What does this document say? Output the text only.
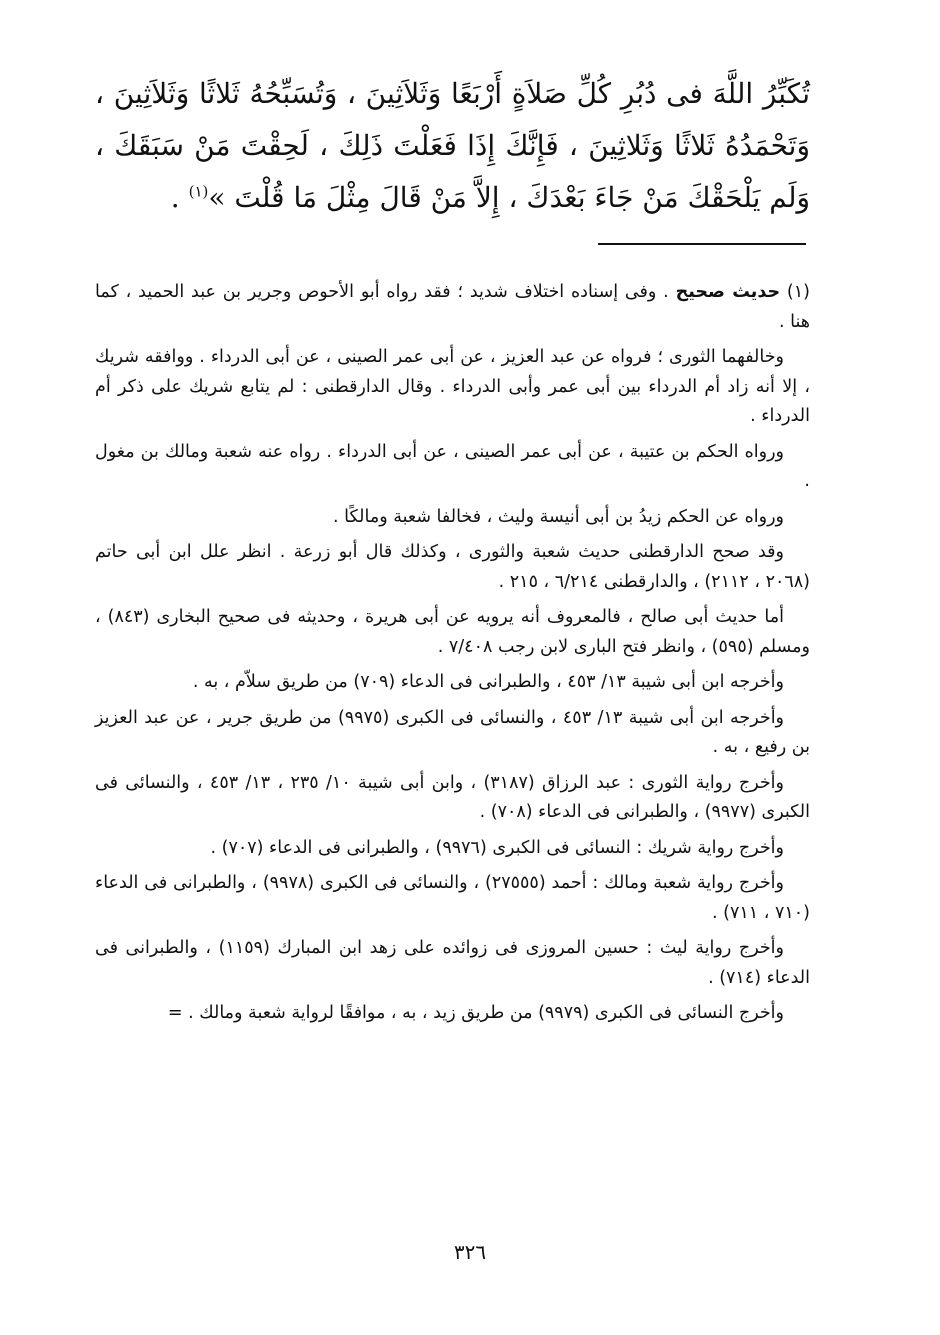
تُكَبِّرُ اللَّهَ فى دُبُرِ كُلِّ صَلاَةٍ أَرْبَعًا وَثَلاَثِينَ ، وَتُسَبِّحُهُ ثَلاثًا وَثَلاَثِينَ ، وَتَحْمَدُهُ ثَلاثًا وَثَلاثِينَ ، فَإِنَّكَ إِذَا فَعَلْتَ ذَلِكَ ، لَحِقْتَ مَنْ سَبَقَكَ ، وَلَم يَلْحَقْكَ مَنْ جَاءَ بَعْدَكَ ، إِلاَّ مَنْ قَالَ مِثْلَ مَا قُلْتَ »$^{(١)}$ .

(١) حديث صحيح . وفى إسناده اختلاف شديد ؛ فقد رواه أبو الأحوص وجرير بن عبد الحميد ، كما هنا .

وخالفهما الثورى ؛ فرواه عن عبد العزيز ، عن أبى عمر الصينى ، عن أبى الدرداء . ووافقه شريك ، إلا أنه زاد أم الدرداء بين أبى عمر وأبى الدرداء . وقال الدارقطنى : لم يتابع شريك على ذكر أم الدرداء .

ورواه الحكم بن عتيبة ، عن أبى عمر الصينى ، عن أبى الدرداء . رواه عنه شعبة ومالك بن مغول .

ورواه عن الحكم زيدُ بن أبى أنيسة وليث ، فخالفا شعبة ومالكًا .

وقد صحح الدارقطنى حديث شعبة والثورى ، وكذلك قال أبو زرعة . انظر علل ابن أبى حاتم (٢٠٦٨ ، ٢١١٢) ، والدارقطنى ٦/٢١٤ ، ٢١٥ .

أما حديث أبى صالح ، فالمعروف أنه يرويه عن أبى هريرة ، وحديثه فى صحيح البخارى (٨٤٣) ، ومسلم (٥٩٥) ، وانظر فتح البارى لابن رجب ٧/٤٠٨ .

وأخرجه ابن أبى شيبة ١٣/ ٤٥٣ ، والطبرانى فى الدعاء (٧٠٩) من طريق سلاّم ، به .

وأخرجه ابن أبى شيبة ١٣/ ٤٥٣ ، والنسائى فى الكبرى (٩٩٧٥) من طريق جرير ، عن عبد العزيز بن رفيع ، به .

وأخرج رواية الثورى : عبد الرزاق (٣١٨٧) ، وابن أبى شيبة ١٠/ ٢٣٥ ، ١٣/ ٤٥٣ ، والنسائى فى الكبرى (٩٩٧٧) ، والطبرانى فى الدعاء (٧٠٨) .

وأخرج رواية شريك : النسائى فى الكبرى (٩٩٧٦) ، والطبرانى فى الدعاء (٧٠٧) .

وأخرج رواية شعبة ومالك : أحمد (٢٧٥٥٥) ، والنسائى فى الكبرى (٩٩٧٨) ، والطبرانى فى الدعاء (٧١٠ ، ٧١١) .

وأخرج رواية ليث : حسين المروزى فى زوائده على زهد ابن المبارك (١١٥٩) ، والطبرانى فى الدعاء (٧١٤) .

وأخرج النسائى فى الكبرى (٩٩٧٩) من طريق زيد ، به ، موافقًا لرواية شعبة ومالك . =

٣٢٦
